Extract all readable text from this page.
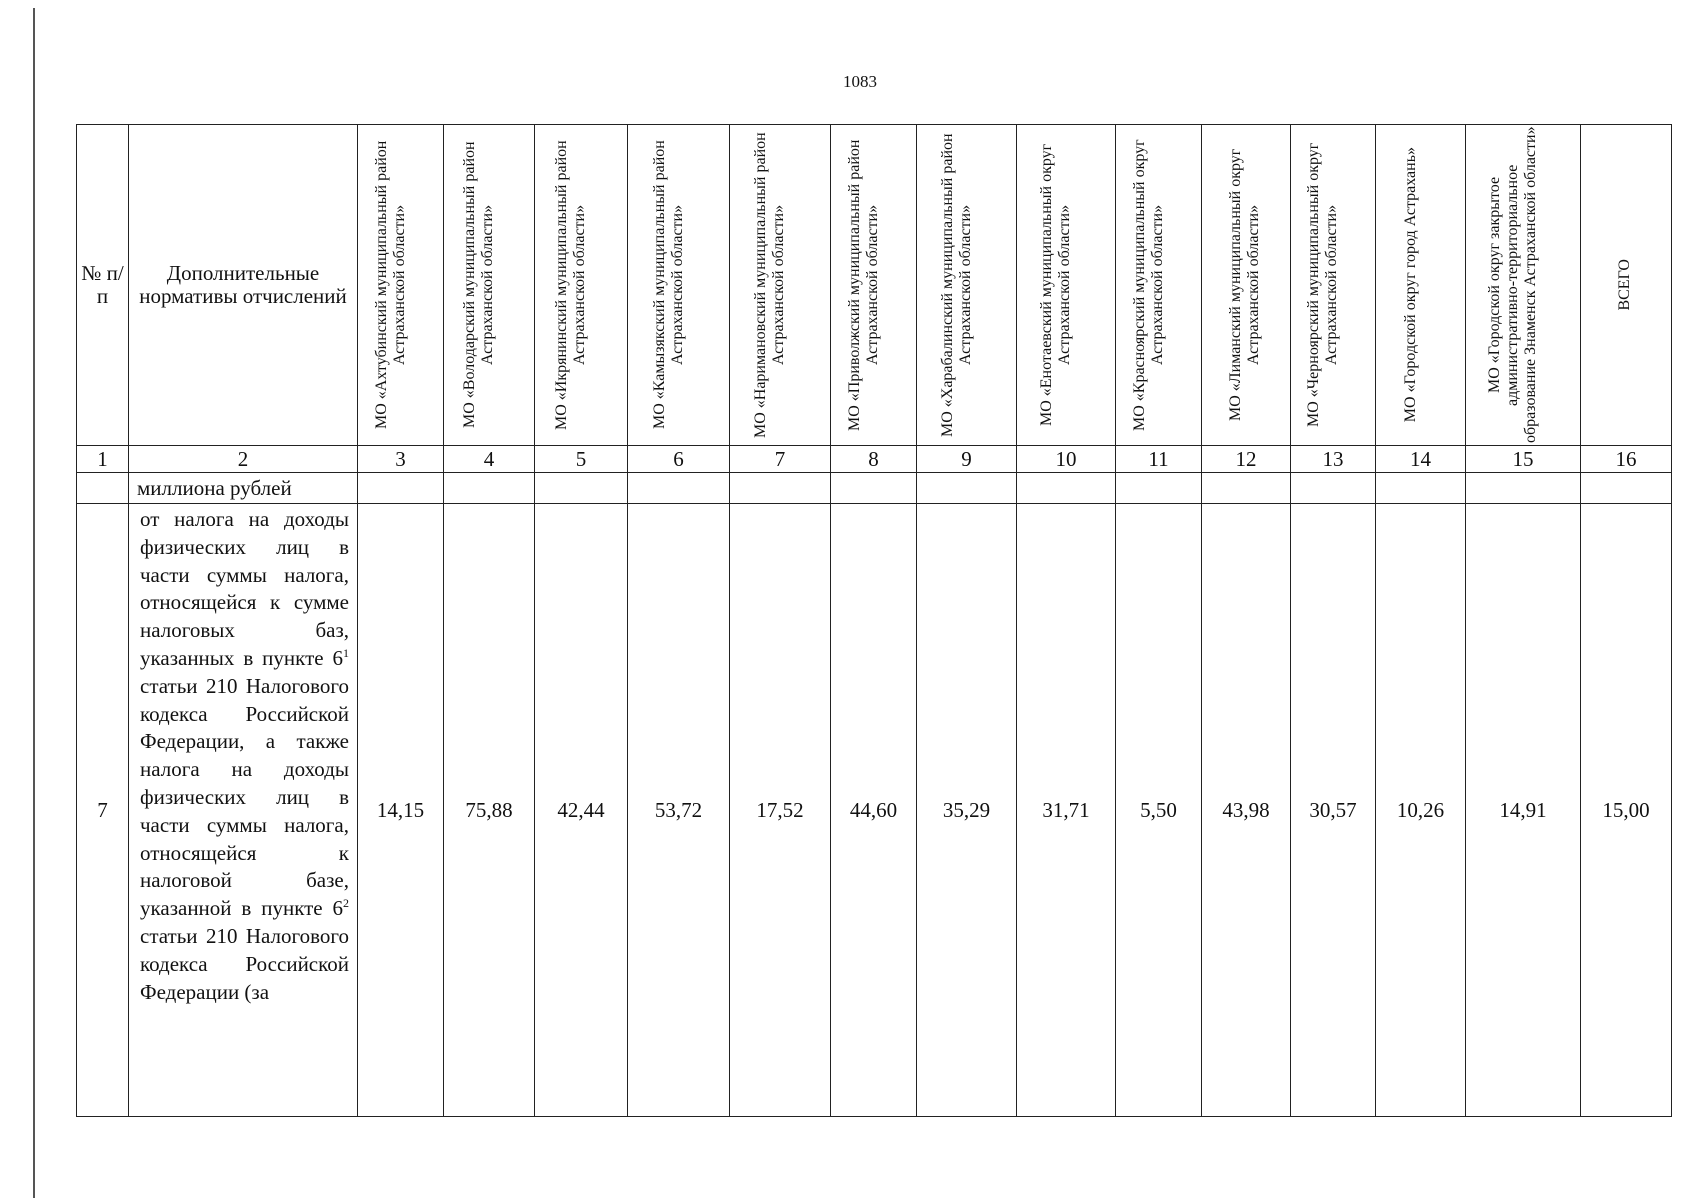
1083
№ п/п	Дополнительные нормативы отчислений	МО «Ахтубинский муниципальный район Астраханской области»	МО «Володарский муниципальный район Астраханской области»	МО «Икрянинский муниципальный район Астраханской области»	МО «Камызякский муниципальный район Астраханской области»	МО «Наримановский муниципальный район Астраханской области»	МО «Приволжский муниципальный район Астраханской области»	МО «Харабалинский муниципальный район Астраханской области»	МО «Енотаевский муниципальный округ Астраханской области»	МО «Красноярский муниципальный округ Астраханской области»	МО «Лиманский муниципальный округ Астраханской области»	МО «Черноярский муниципальный округ Астраханской области»	МО «Городской округ город Астрахань»	МО «Городской округ закрытое административно-территориальное образование Знаменск Астраханской области»	ВСЕГО

1	2	3	4	5	6	7	8	9	10	11	12	13	14	15	16
	миллиона рублей														
7	от налога на доходы физических лиц в части суммы налога, относящейся к сумме налоговых баз, указанных в пункте $6^1$ статьи 210 Налогового кодекса Российской Федерации, а также налога на доходы физических лиц в части суммы налога, относящейся к налоговой базе, указанной в пункте $6^2$ статьи 210 Налогового кодекса Российской Федерации (за	14,15	75,88	42,44	53,72	17,52	44,60	35,29	31,71	5,50	43,98	30,57	10,26	14,91	15,00
